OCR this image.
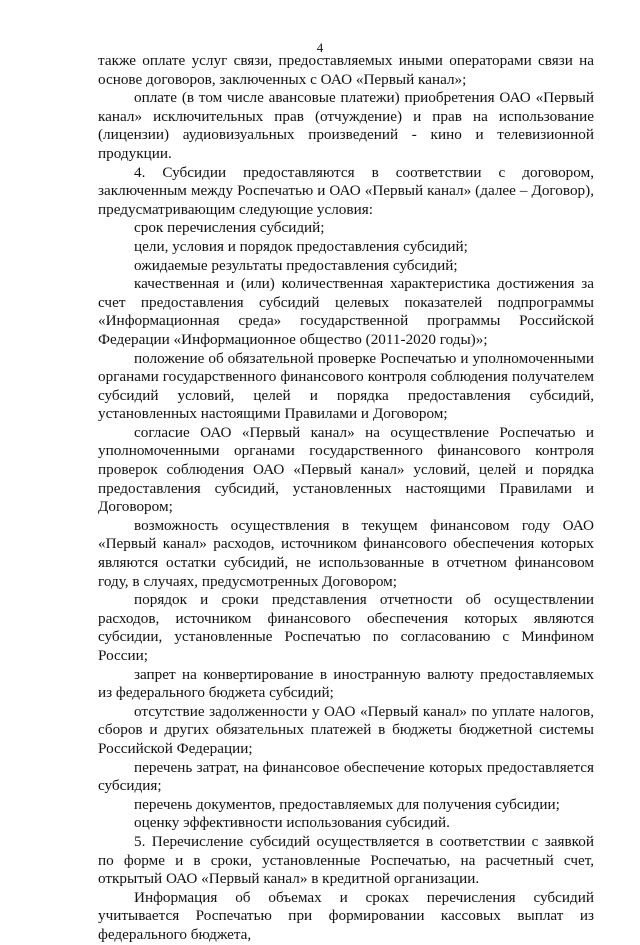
4

также оплате услуг связи, предоставляемых иными операторами связи на основе договоров, заключенных с ОАО «Первый канал»;

оплате (в том числе авансовые платежи) приобретения ОАО «Первый канал» исключительных прав (отчуждение) и прав на использование (лицензии) аудиовизуальных произведений - кино и телевизионной продукции.

4. Субсидии предоставляются в соответствии с договором, заключенным между Роспечатью и ОАО «Первый канал» (далее – Договор), предусматривающим следующие условия:

срок перечисления субсидий;

цели, условия и порядок предоставления субсидий;

ожидаемые результаты предоставления субсидий;

качественная и (или) количественная характеристика достижения за счет предоставления субсидий целевых показателей подпрограммы «Информационная среда» государственной программы Российской Федерации «Информационное общество (2011-2020 годы)»;

положение об обязательной проверке Роспечатью и уполномоченными органами государственного финансового контроля соблюдения получателем субсидий условий, целей и порядка предоставления субсидий, установленных настоящими Правилами и Договором;

согласие ОАО «Первый канал» на осуществление Роспечатью и уполномоченными органами государственного финансового контроля проверок соблюдения ОАО «Первый канал» условий, целей и порядка предоставления субсидий, установленных настоящими Правилами и Договором;

возможность осуществления в текущем финансовом году ОАО «Первый канал» расходов, источником финансового обеспечения которых являются остатки субсидий, не использованные в отчетном финансовом году, в случаях, предусмотренных Договором;

порядок и сроки представления отчетности об осуществлении расходов, источником финансового обеспечения которых являются субсидии, установленные Роспечатью по согласованию с Минфином России;

запрет на конвертирование в иностранную валюту предоставляемых из федерального бюджета субсидий;

отсутствие задолженности у ОАО «Первый канал» по уплате налогов, сборов и других обязательных платежей в бюджеты бюджетной системы Российской Федерации;

перечень затрат, на финансовое обеспечение которых предоставляется субсидия;

перечень документов, предоставляемых для получения субсидии;

оценку эффективности использования субсидий.

5. Перечисление субсидий осуществляется в соответствии с заявкой по форме и в сроки, установленные Роспечатью, на расчетный счет, открытый ОАО «Первый канал» в кредитной организации.

Информация об объемах и сроках перечисления субсидий учитывается Роспечатью при формировании кассовых выплат из федерального бюджета,
